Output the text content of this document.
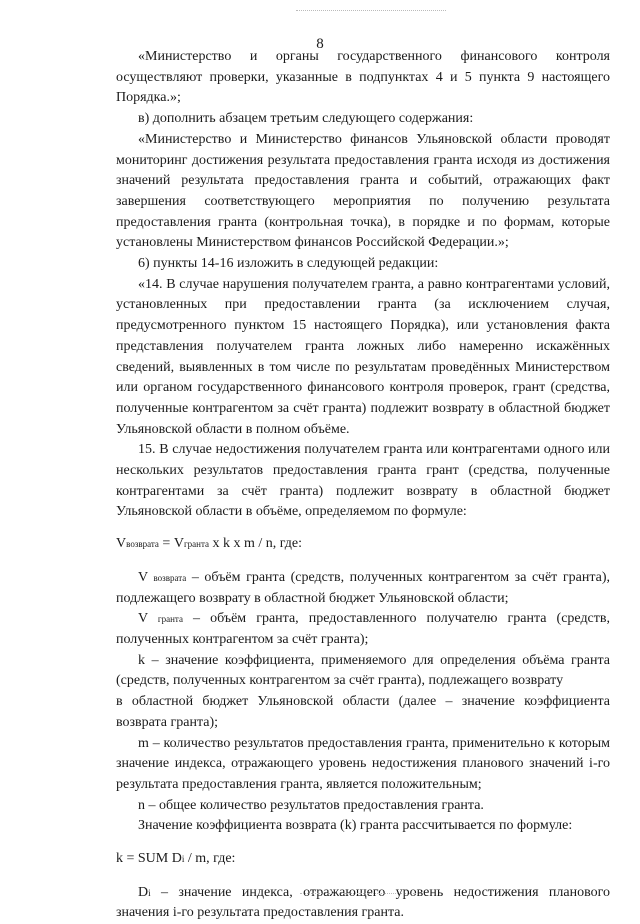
8

«Министерство и органы государственного финансового контроля осуществляют проверки, указанные в подпунктах 4 и 5 пункта 9 настоящего Порядка.»;

в) дополнить абзацем третьим следующего содержания:

«Министерство и Министерство финансов Ульяновской области проводят мониторинг достижения результата предоставления гранта исходя из достижения значений результата предоставления гранта и событий, отражающих факт завершения соответствующего мероприятия по получению результата предоставления гранта (контрольная точка), в порядке и по формам, которые установлены Министерством финансов Российской Федерации.»;

6) пункты 14-16 изложить в следующей редакции:

«14. В случае нарушения получателем гранта, а равно контрагентами условий, установленных при предоставлении гранта (за исключением случая, предусмотренного пунктом 15 настоящего Порядка), или установления факта представления получателем гранта ложных либо намеренно искажённых сведений, выявленных в том числе по результатам проведённых Министерством или органом государственного финансового контроля проверок, грант (средства, полученные контрагентом за счёт гранта) подлежит возврату в областной бюджет Ульяновской области в полном объёме.

15. В случае недостижения получателем гранта или контрагентами одного или нескольких результатов предоставления гранта грант (средства, полученные контрагентами за счёт гранта) подлежит возврату в областной бюджет Ульяновской области в объёме, определяемом по формуле:

Vвозврата = Vгранта x k x m / n, где:

V возврата – объём гранта (средств, полученных контрагентом за счёт гранта), подлежащего возврату в областной бюджет Ульяновской области;

V гранта – объём гранта, предоставленного получателю гранта (средств, полученных контрагентом за счёт гранта);

k – значение коэффициента, применяемого для определения объёма гранта (средств, полученных контрагентом за счёт гранта), подлежащего возврату

в областной бюджет Ульяновской области (далее – значение коэффициента возврата гранта);

m – количество результатов предоставления гранта, применительно к которым значение индекса, отражающего уровень недостижения планового значений i-го результата предоставления гранта, является положительным;

n – общее количество результатов предоставления гранта.

Значение коэффициента возврата (k) гранта рассчитывается по формуле:

k = SUM Di / m, где:

Di – значение индекса, отражающего уровень недостижения планового значения i-го результата предоставления гранта.
